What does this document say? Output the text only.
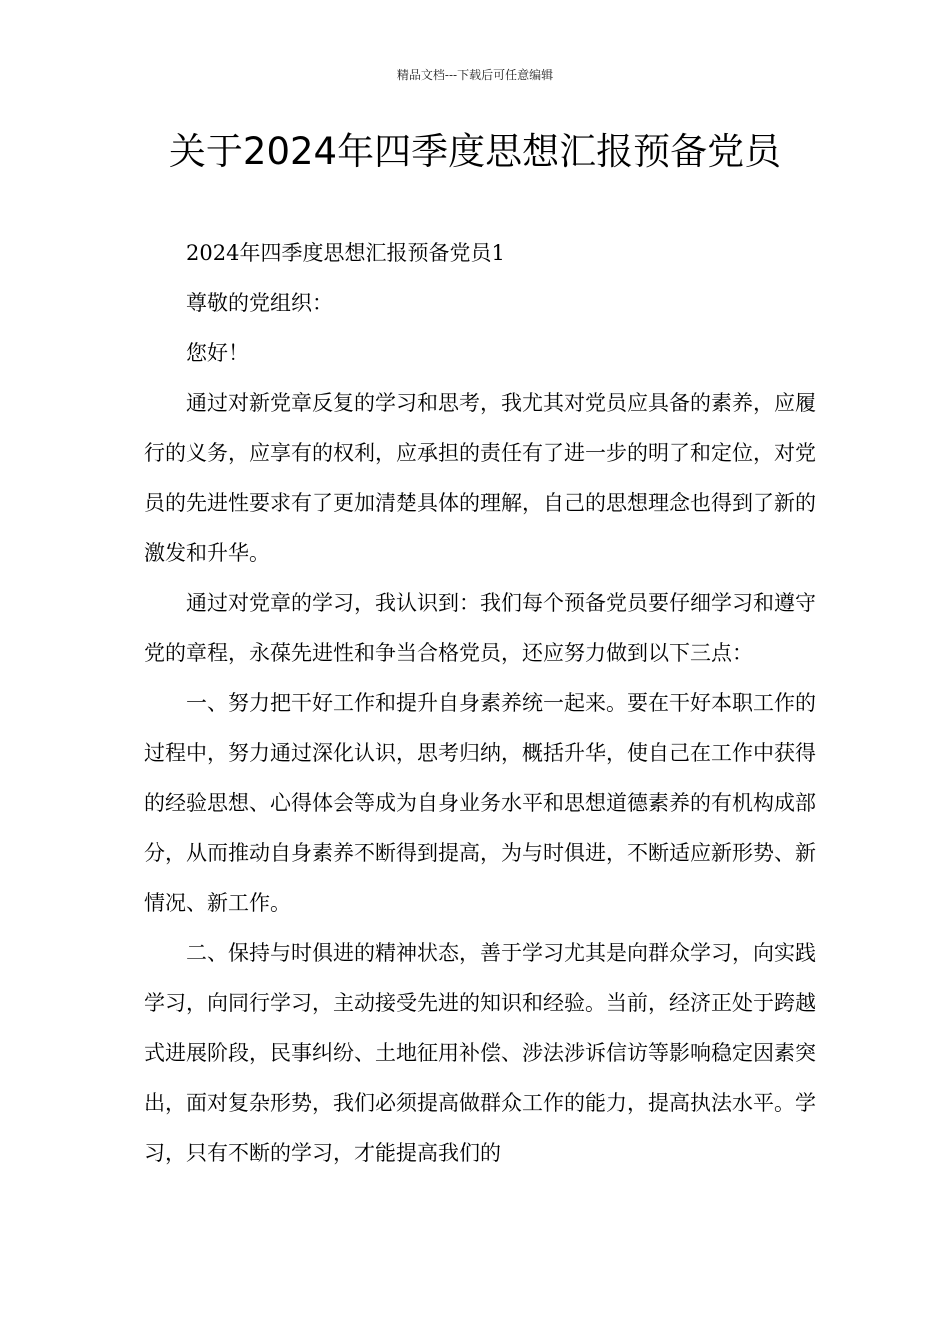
精品文档---下载后可任意编辑
关于2024年四季度思想汇报预备党员

2024年四季度思想汇报预备党员1

尊敬的党组织：

您好！

通过对新党章反复的学习和思考，我尤其对党员应具备的素养，应履行的义务，应享有的权利，应承担的责任有了进一步的明了和定位，对党员的先进性要求有了更加清楚具体的理解，自己的思想理念也得到了新的激发和升华。

通过对党章的学习，我认识到：我们每个预备党员要仔细学习和遵守党的章程，永葆先进性和争当合格党员，还应努力做到以下三点：

一、努力把干好工作和提升自身素养统一起来。要在干好本职工作的过程中，努力通过深化认识，思考归纳，概括升华，使自己在工作中获得的经验思想、心得体会等成为自身业务水平和思想道德素养的有机构成部分，从而推动自身素养不断得到提高，为与时俱进，不断适应新形势、新情况、新工作。

二、保持与时俱进的精神状态，善于学习尤其是向群众学习，向实践学习，向同行学习，主动接受先进的知识和经验。当前，经济正处于跨越式进展阶段，民事纠纷、土地征用补偿、涉法涉诉信访等影响稳定因素突出，面对复杂形势，我们必须提高做群众工作的能力，提高执法水平。学习，只有不断的学习，才能提高我们的
